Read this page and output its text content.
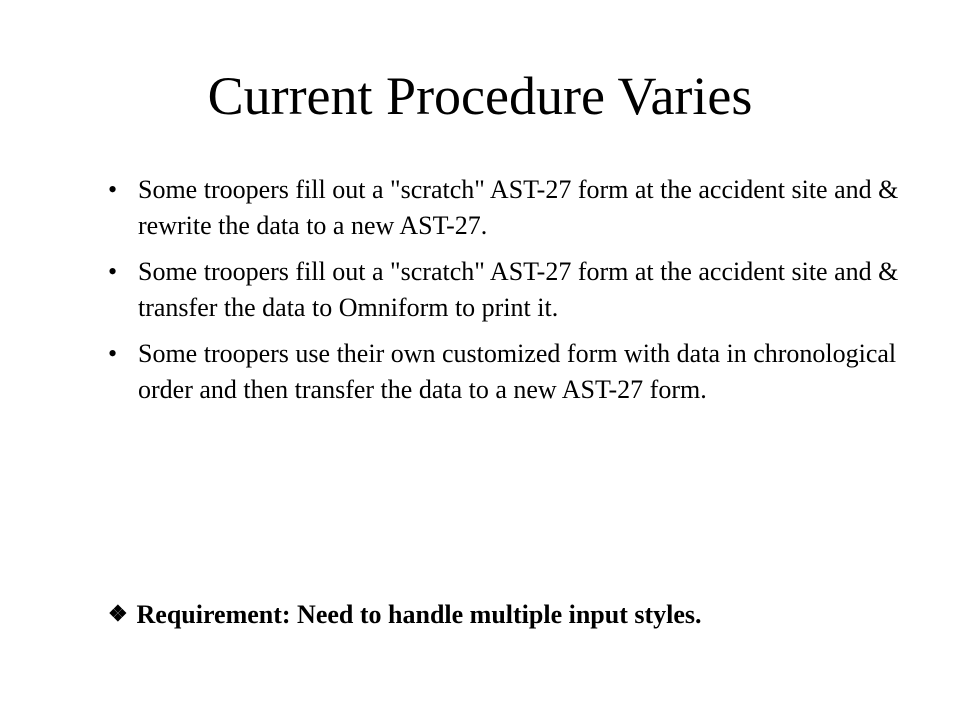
Current Procedure Varies
• Some troopers fill out a "scratch" AST-27 form at the accident site and & rewrite the data to a new AST-27.
• Some troopers fill out a "scratch" AST-27 form at the accident site and & transfer the data to Omniform to print it.
• Some troopers use their own customized form with data in chronological order and then transfer the data to a new AST-27 form.
❖ Requirement: Need to handle multiple input styles.
